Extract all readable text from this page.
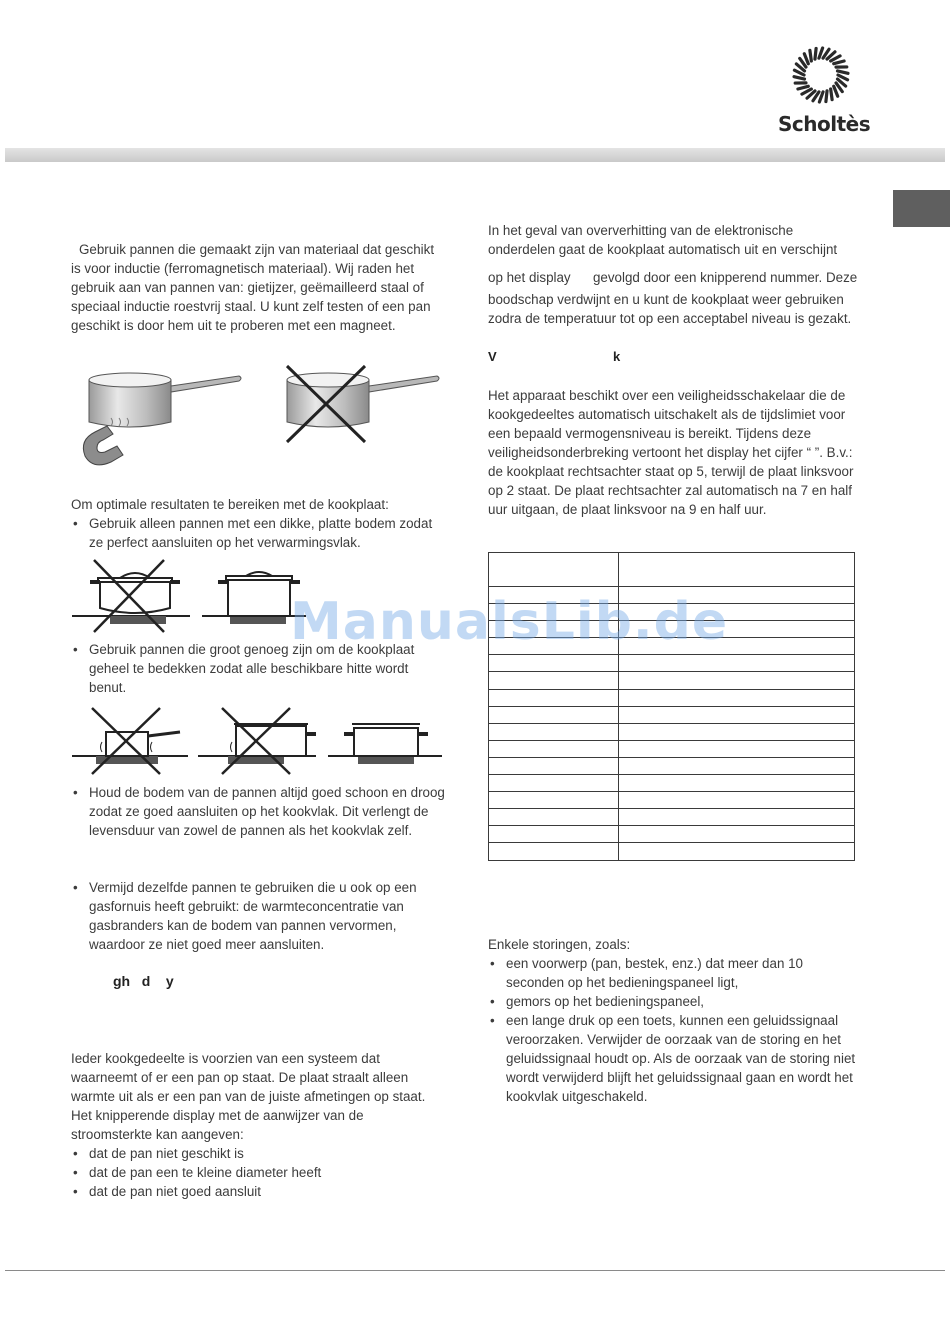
Scholtès

Gebruik pannen die gemaakt zijn van materiaal dat geschikt is voor inductie (ferromagnetisch materiaal). Wij raden het gebruik aan van pannen van: gietijzer, geëmailleerd staal of speciaal inductie roestvrij staal. U kunt zelf testen of een pan geschikt is door hem uit te proberen met een magneet.

Om optimale resultaten te bereiken met de kookplaat:

• Gebruik alleen pannen met een dikke, platte bodem zodat ze perfect aansluiten op het verwarmingsvlak.
• Gebruik pannen die groot genoeg zijn om de kookplaat geheel te bedekken zodat alle beschikbare hitte wordt benut.
• Houd de bodem van de pannen altijd goed schoon en droog zodat ze goed aansluiten op het kookvlak. Dit verlengt de levensduur van zowel de pannen als het kookvlak zelf.
• Vermijd dezelfde pannen te gebruiken die u ook op een gasfornuis heeft gebruikt: de warmteconcentratie van gasbranders kan de bodem van pannen vervormen, waardoor ze niet goed meer aansluiten.
gh   d    y

Ieder kookgedeelte is voorzien van een systeem dat waarneemt of er een pan op staat. De plaat straalt alleen warmte uit als er een pan van de juiste afmetingen op staat. Het knipperende display met de aanwijzer van de stroomsterkte kan aangeven:

• dat de pan niet geschikt is
• dat de pan een te kleine diameter heeft
• dat de pan niet goed aansluit

In het geval van oververhitting van de elektronische onderdelen gaat de kookplaat automatisch uit en verschijnt

op het display      gevolgd door een knipperend nummer. Deze

boodschap verdwijnt en u kunt de kookplaat weer gebruiken zodra de temperatuur tot op een acceptabel niveau is gezakt.

V	k

Het apparaat beschikt over een veiligheidsschakelaar die de kookgedeeltes automatisch uitschakelt als de tijdslimiet voor een bepaald vermogensniveau is bereikt. Tijdens deze veiligheidsonderbreking vertoont het display het cijfer “ ”. B.v.: de kookplaat rechtsachter staat op 5, terwijl de plaat linksvoor op 2 staat. De plaat rechtsachter zal automatisch na 7 en half uur uitgaan, de plaat linksvoor na 9 en half uur.

Enkele storingen, zoals:

• een voorwerp (pan, bestek, enz.) dat meer dan 10 seconden op het bedieningspaneel ligt,
• gemors op het bedieningspaneel,
• een lange druk op een toets, kunnen een geluidssignaal veroorzaken. Verwijder de oorzaak van de storing en het geluidssignaal houdt op. Als de oorzaak van de storing niet wordt verwijderd blijft het geluidssignaal gaan en wordt het kookvlak uitgeschakeld.
ManualsLib.de
